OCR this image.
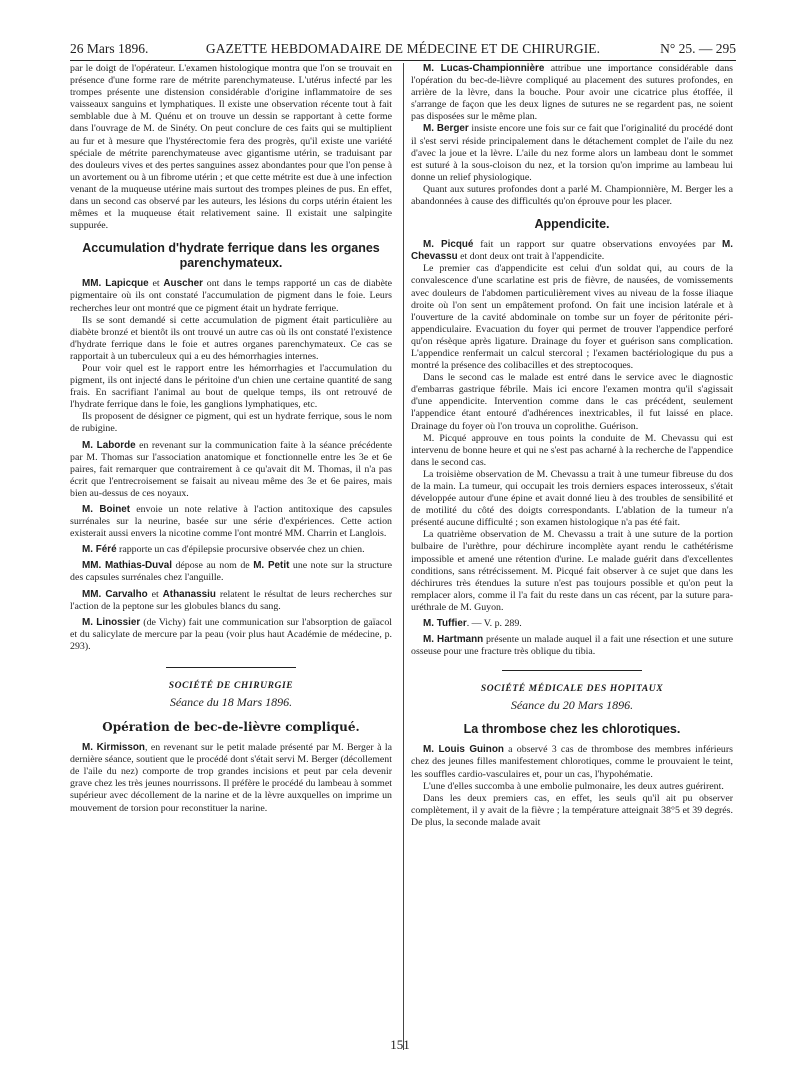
26 Mars 1896.	GAZETTE HEBDOMADAIRE DE MÉDECINE ET DE CHIRURGIE.	N° 25. — 295

par le doigt de l'opérateur. L'examen histologique montra que l'on se trouvait en présence d'une forme rare de métrite parenchymateuse. L'utérus infecté par les trompes présente une distension considérable d'origine inflammatoire de ses vaisseaux sanguins et lymphatiques. Il existe une observation récente tout à fait semblable due à M. Quénu et on trouve un dessin se rapportant à cette forme dans l'ouvrage de M. de Sinéty. On peut conclure de ces faits qui se multiplient au fur et à mesure que l'hystérectomie fera des progrès, qu'il existe une variété spéciale de métrite parenchymateuse avec gigantisme utérin, se traduisant par des douleurs vives et des pertes sanguines assez abondantes pour que l'on pense à un avortement ou à un fibrome utérin ; et que cette métrite est due à une infection venant de la muqueuse utérine mais surtout des trompes pleines de pus. En effet, dans un second cas observé par les auteurs, les lésions du corps utérin étaient les mêmes et la muqueuse était relativement saine. Il existait une salpingite suppurée.

Accumulation d'hydrate ferrique dans les organes parenchymateux.

MM. Lapicque et Auscher ont dans le temps rapporté un cas de diabète pigmentaire où ils ont constaté l'accumulation de pigment dans le foie. Leurs recherches leur ont montré que ce pigment était un hydrate ferrique.

Ils se sont demandé si cette accumulation de pigment était particulière au diabète bronzé et bientôt ils ont trouvé un autre cas où ils ont constaté l'existence d'hydrate ferrique dans le foie et autres organes parenchymateux. Ce cas se rapportait à un tuberculeux qui a eu des hémorrhagies internes.

Pour voir quel est le rapport entre les hémorrhagies et l'accumulation du pigment, ils ont injecté dans le péritoine d'un chien une certaine quantité de sang frais. En sacrifiant l'animal au bout de quelque temps, ils ont retrouvé de l'hydrate ferrique dans le foie, les ganglions lymphatiques, etc.

Ils proposent de désigner ce pigment, qui est un hydrate ferrique, sous le nom de rubigine.

M. Laborde en revenant sur la communication faite à la séance précédente par M. Thomas sur l'association anatomique et fonctionnelle entre les 3e et 6e paires, fait remarquer que contrairement à ce qu'avait dit M. Thomas, il n'a pas écrit que l'entrecroisement se faisait au niveau même des 3e et 6e paires, mais bien au-dessus de ces noyaux.

M. Boinet envoie un note relative à l'action antitoxique des capsules surrénales sur la neurine, basée sur une série d'expériences. Cette action existerait aussi envers la nicotine comme l'ont montré MM. Charrin et Langlois.

M. Féré rapporte un cas d'épilepsie procursive observée chez un chien.

MM. Mathias-Duval dépose au nom de M. Petit une note sur la structure des capsules surrénales chez l'anguille.

MM. Carvalho et Athanassiu relatent le résultat de leurs recherches sur l'action de la peptone sur les globules blancs du sang.

M. Linossier (de Vichy) fait une communication sur l'absorption de gaïacol et du salicylate de mercure par la peau (voir plus haut Académie de médecine, p. 293).

SOCIÉTÉ DE CHIRURGIE
Séance du 18 Mars 1896.
Opération de bec-de-lièvre compliqué.

M. Kirmisson, en revenant sur le petit malade présenté par M. Berger à la dernière séance, soutient que le procédé dont s'était servi M. Berger (décollement de l'aile du nez) comporte de trop grandes incisions et peut par cela devenir grave chez les très jeunes nourrissons. Il préfère le procédé du lambeau à sommet supérieur avec décollement de la narine et de la lèvre auxquelles on imprime un mouvement de torsion pour reconstituer la narine.

M. Lucas-Championnière attribue une importance considérable dans l'opération du bec-de-lièvre compliqué au placement des sutures profondes, en arrière de la lèvre, dans la bouche. Pour avoir une cicatrice plus étoffée, il s'arrange de façon que les deux lignes de sutures ne se regardent pas, ne soient pas disposées sur le même plan.

M. Berger insiste encore une fois sur ce fait que l'originalité du procédé dont il s'est servi réside principalement dans le détachement complet de l'aile du nez d'avec la joue et la lèvre. L'aile du nez forme alors un lambeau dont le sommet est suturé à la sous-cloison du nez, et la torsion qu'on imprime au lambeau lui donne un relief physiologique.

Quant aux sutures profondes dont a parlé M. Championnière, M. Berger les a abandonnées à cause des difficultés qu'on éprouve pour les placer.

Appendicite.

M. Picqué fait un rapport sur quatre observations envoyées par M. Chevassu et dont deux ont trait à l'appendicite.

Le premier cas d'appendicite est celui d'un soldat qui, au cours de la convalescence d'une scarlatine est pris de fièvre, de nausées, de vomissements avec douleurs de l'abdomen particulièrement vives au niveau de la fosse iliaque droite où l'on sent un empâtement profond. On fait une incision latérale et à l'ouverture de la cavité abdominale on tombe sur un foyer de péritonite péri-appendiculaire. Evacuation du foyer qui permet de trouver l'appendice perforé qu'on résèque après ligature. Drainage du foyer et guérison sans complication. L'appendice renfermait un calcul stercoral ; l'examen bactériologique du pus a montré la présence des colibacilles et des streptocoques.

Dans le second cas le malade est entré dans le service avec le diagnostic d'embarras gastrique fébrile. Mais ici encore l'examen montra qu'il s'agissait d'une appendicite. Intervention comme dans le cas précédent, seulement l'appendice étant entouré d'adhérences inextricables, il fut laissé en place. Drainage du foyer où l'on trouva un coprolithe. Guérison.

M. Picqué approuve en tous points la conduite de M. Chevassu qui est intervenu de bonne heure et qui ne s'est pas acharné à la recherche de l'appendice dans le second cas.

La troisième observation de M. Chevassu a trait à une tumeur fibreuse du dos de la main. La tumeur, qui occupait les trois derniers espaces interosseux, s'était développée autour d'une épine et avait donné lieu à des troubles de sensibilité et de motilité du côté des doigts correspondants. L'ablation de la tumeur n'a présenté aucune difficulté ; son examen histologique n'a pas été fait.

La quatrième observation de M. Chevassu a trait à une suture de la portion bulbaire de l'urèthre, pour déchirure incomplète ayant rendu le cathétérisme impossible et amené une rétention d'urine. Le malade guérit dans d'excellentes conditions, sans rétrécissement. M. Picqué fait observer à ce sujet que dans les déchirures très étendues la suture n'est pas toujours possible et qu'on peut la remplacer alors, comme il l'a fait du reste dans un cas récent, par la suture para-uréthrale de M. Guyon.

M. Tuffier. — V. p. 289.

M. Hartmann présente un malade auquel il a fait une résection et une suture osseuse pour une fracture très oblique du tibia.

SOCIÉTÉ MÉDICALE DES HOPITAUX
Séance du 20 Mars 1896.
La thrombose chez les chlorotiques.

M. Louis Guinon a observé 3 cas de thrombose des membres inférieurs chez des jeunes filles manifestement chlorotiques, comme le prouvaient le teint, les souffles cardio-vasculaires et, pour un cas, l'hypohématie.

L'une d'elles succomba à une embolie pulmonaire, les deux autres guérirent.

Dans les deux premiers cas, en effet, les seuls qu'il ait pu observer complètement, il y avait de la fièvre ; la température atteignait 38°5 et 39 degrés. De plus, la seconde malade avait

151
